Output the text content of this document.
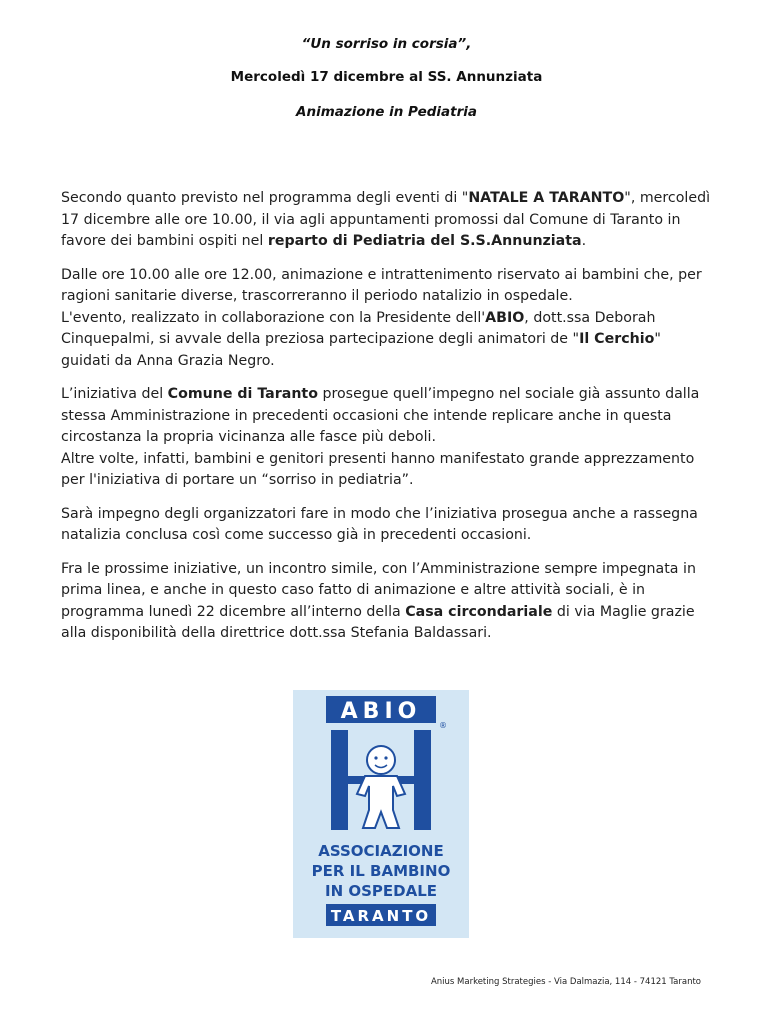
“Un sorriso in corsia”,
Mercoledì 17 dicembre al SS. Annunziata
Animazione in Pediatria

Secondo quanto previsto nel programma degli eventi di "NATALE A TARANTO", mercoledì 17 dicembre alle ore 10.00, il via agli appuntamenti promossi dal Comune di Taranto in favore dei bambini ospiti nel reparto di Pediatria del S.S.Annunziata.

Dalle ore 10.00 alle ore 12.00, animazione e intrattenimento riservato ai bambini che, per ragioni sanitarie diverse, trascorreranno il periodo natalizio in ospedale.

L'evento, realizzato in collaborazione con la Presidente dell'ABIO, dott.ssa Deborah Cinquepalmi, si avvale della preziosa partecipazione degli animatori de "Il Cerchio" guidati da Anna Grazia Negro.

L’iniziativa del Comune di Taranto prosegue quell’impegno nel sociale già assunto dalla stessa Amministrazione in precedenti occasioni che intende replicare anche in questa circostanza la propria vicinanza alle fasce più deboli.

Altre volte, infatti, bambini e genitori presenti hanno manifestato grande apprezzamento per l'iniziativa di portare un “sorriso in pediatria”.

Sarà impegno degli organizzatori fare in modo che l’iniziativa prosegua anche a rassegna natalizia conclusa così come successo già in precedenti occasioni.

Fra le prossime iniziative, un incontro simile, con l’Amministrazione sempre impegnata in prima linea, e anche in questo caso fatto di animazione e altre attività sociali, è in programma lunedì 22 dicembre all’interno della Casa circondariale di via Maglie grazie alla disponibilità della direttrice dott.ssa Stefania Baldassari.

ABIO
®
ASSOCIAZIONE
PER IL BAMBINO
IN OSPEDALE
TARANTO
Anius Marketing Strategies - Via Dalmazia, 114 - 74121 Taranto
